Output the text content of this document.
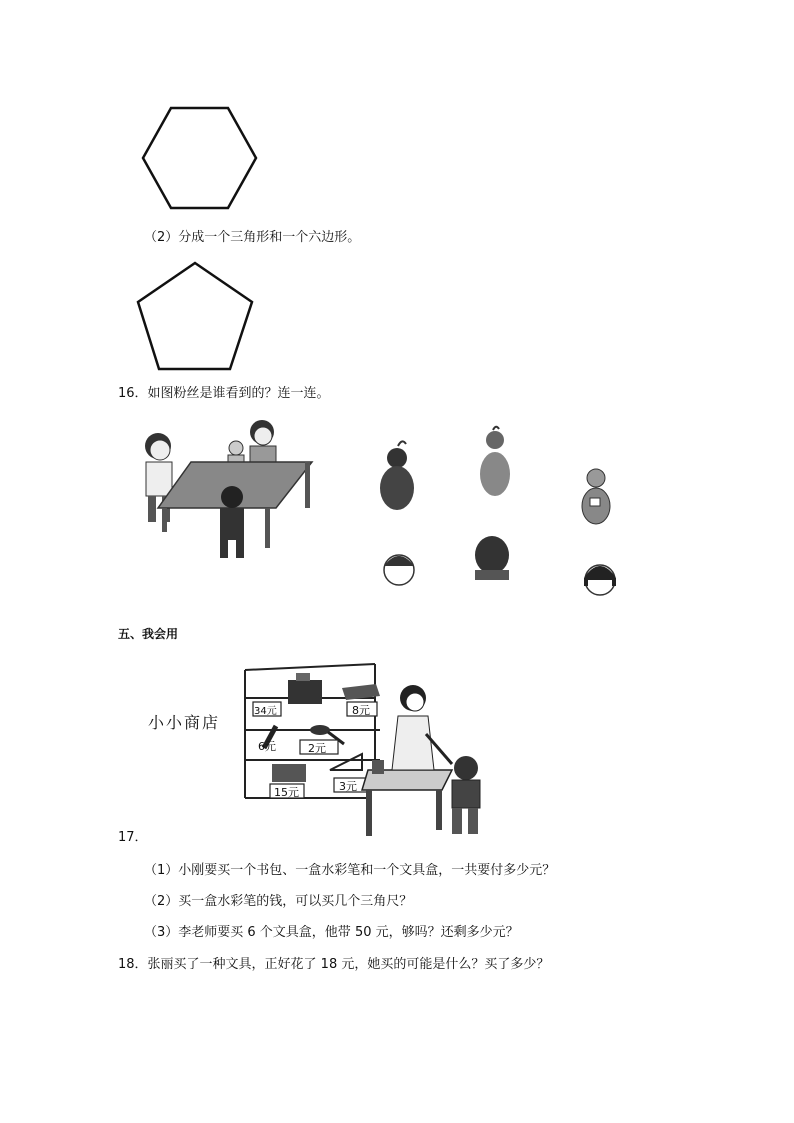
（2）分成一个三角形和一个六边形。
16．如图粉丝是谁看到的？连一连。
五、我会用
小小商店
34元	8元
6元	2元
15元	3元
17．
（1）小刚要买一个书包、一盒水彩笔和一个文具盒，一共要付多少元？
（2）买一盒水彩笔的钱，可以买几个三角尺？
（3）李老师要买 6 个文具盒，他带 50 元，够吗？还剩多少元？
18．张丽买了一种文具，正好花了 18 元，她买的可能是什么？买了多少？
